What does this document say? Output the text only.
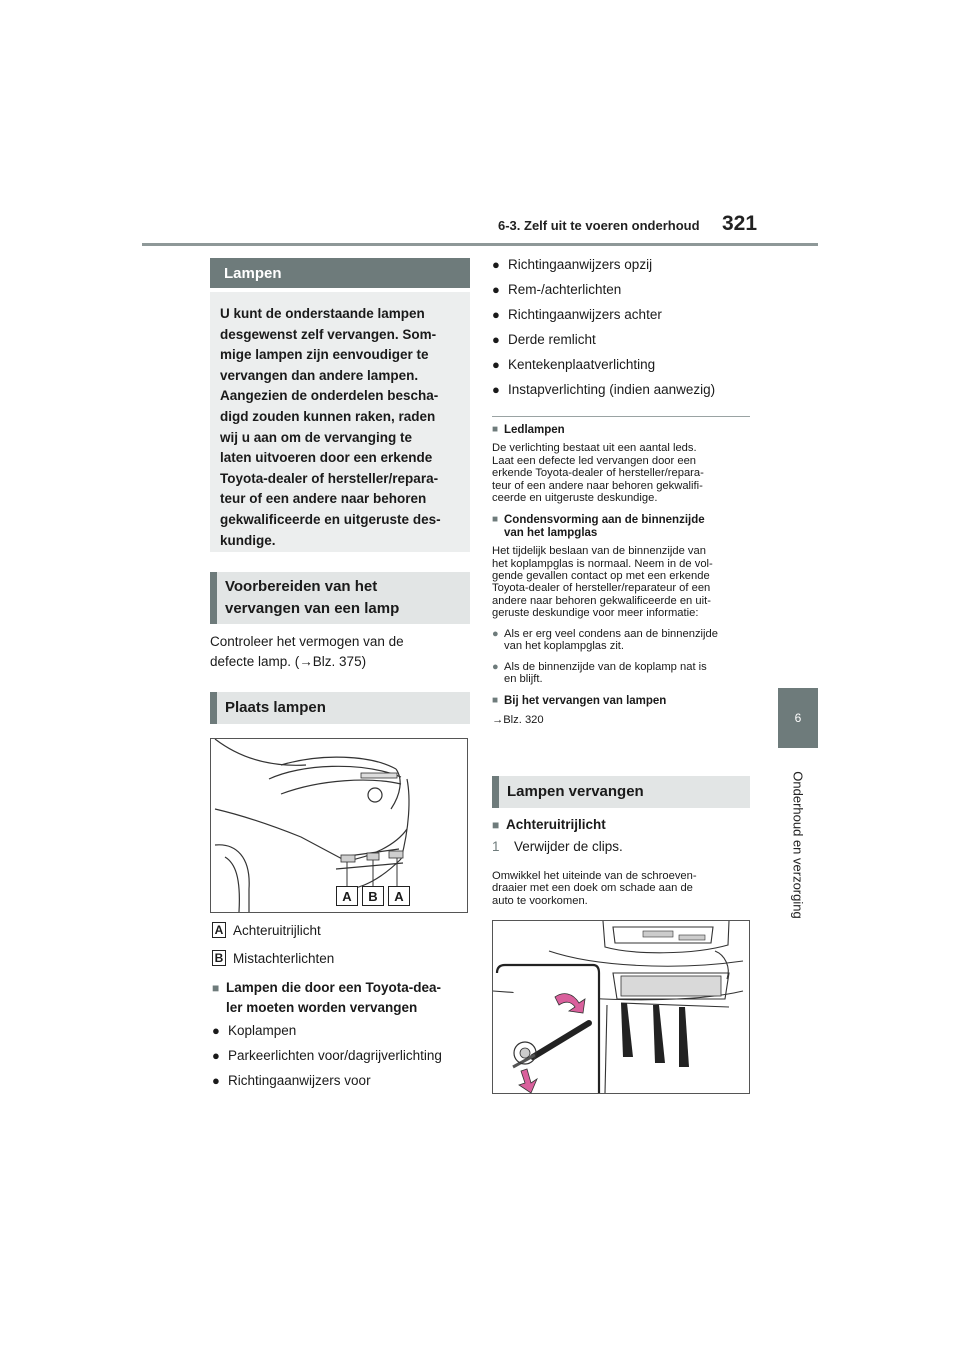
6-3. Zelf uit te voeren onderhoud 321
6
Onderhoud en verzorging
Lampen
U kunt de onderstaande lampen
desgewenst zelf vervangen. Som-
mige lampen zijn eenvoudiger te
vervangen dan andere lampen.
Aangezien de onderdelen bescha-
digd zouden kunnen raken, raden
wij u aan om de vervanging te
laten uitvoeren door een erkende
Toyota-dealer of hersteller/repara-
teur of een andere naar behoren
gekwalificeerde en uitgeruste des-
kundige.
Voorbereiden van het
vervangen van een lamp
Controleer het vermogen van de
defecte lamp. (→Blz. 375)
Plaats lampen
A	B	A
A Achteruitrijlicht
B Mistachterlichten
■ Lampen die door een Toyota-dea-
ler moeten worden vervangen
● Koplampen
● Parkeerlichten voor/dagrijverlichting
● Richtingaanwijzers voor
● Richtingaanwijzers opzij
● Rem-/achterlichten
● Richtingaanwijzers achter
● Derde remlicht
● Kentekenplaatverlichting
● Instapverlichting (indien aanwezig)
■ Ledlampen
De verlichting bestaat uit een aantal leds.
Laat een defecte led vervangen door een
erkende Toyota-dealer of hersteller/repara-
teur of een andere naar behoren gekwalifi-
ceerde en uitgeruste deskundige.
■ Condensvorming aan de binnenzijde
van het lampglas
Het tijdelijk beslaan van de binnenzijde van
het koplampglas is normaal. Neem in de vol-
gende gevallen contact op met een erkende
Toyota-dealer of hersteller/reparateur of een
andere naar behoren gekwalificeerde en uit-
geruste deskundige voor meer informatie:
● Als er erg veel condens aan de binnenzijde
van het koplampglas zit.
● Als de binnenzijde van de koplamp nat is
en blijft.
■ Bij het vervangen van lampen
→Blz. 320
Lampen vervangen
■ Achteruitrijlicht
1	Verwijder de clips.
Omwikkel het uiteinde van de schroeven-
draaier met een doek om schade aan de
auto te voorkomen.
